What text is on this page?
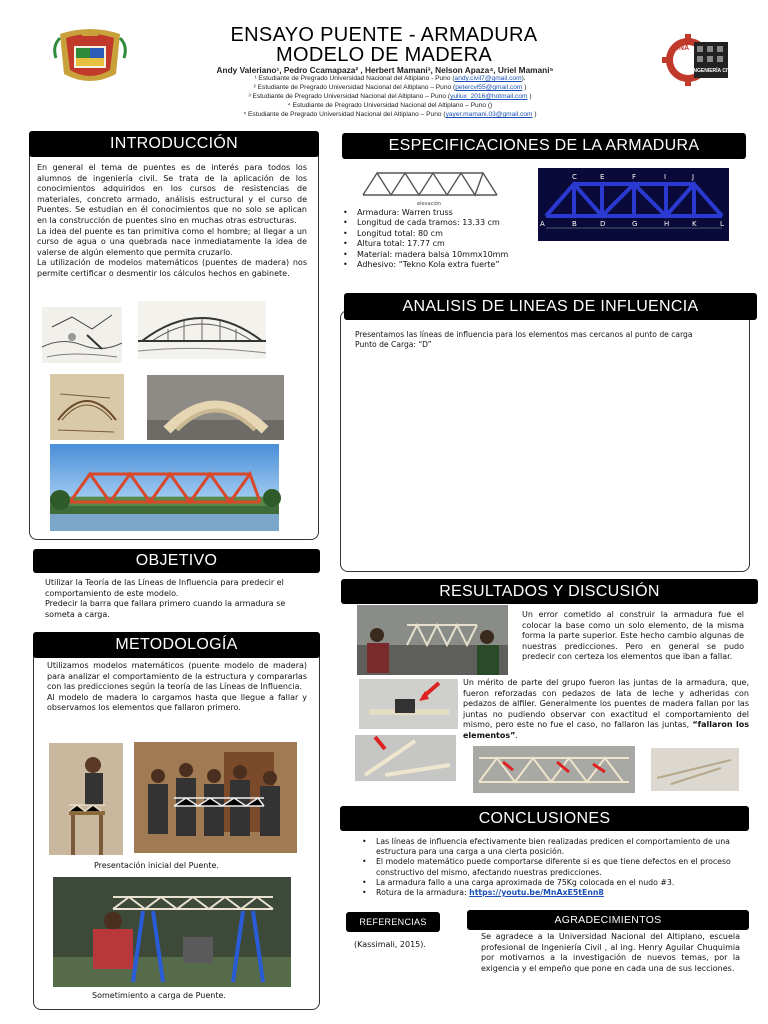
ENSAYO PUENTE - ARMADURA
MODELO DE MADERA
Andy Valeriano¹, Pedro Ccamapaza² , Herbert Mamani³, Nelson Apaza⁴, Uriel Mamani⁵
¹ Estudiante de Pregrado Universidad Nacional del Altiplano - Puno (andy.civil7@gmail.com).
² Estudiante de Pregrado Universidad Nacional del Altiplano – Puno (petercvl55@gmail.com )
³ Estudiante de Pregrado Universidad Nacional del Altiplano – Puno (yuliux_2016@hotmail.com )
⁴ Estudiante de Pregrado Universidad Nacional del Altiplano – Puno ()
⁵ Estudiante de Pregrado Universidad Nacional del Altiplano – Puno (yayer.mamani.03@gmail.com )
UNA
INGENIERÍA CIVIL
INTRODUCCIÓN

En general el tema de puentes es de interés para todos los alumnos de ingeniería civil. Se trata de la aplicación de los conocimientos adquiridos en los cursos de resistencias de materiales, concreto armado, análisis estructural y el curso de Puentes. Se estudian en él conocimientos que no solo se aplican en la construcción de puentes sino en muchas otras estructuras.

La idea del puente es tan primitiva como el hombre; al llegar a un curso de agua o una quebrada nace inmediatamente la idea de valerse de algún elemento que permita cruzarlo.

La utilización de modelos matemáticos (puentes de madera) nos permite certificar o desmentir los cálculos hechos en gabinete.

ESPECIFICACIONES DE LA ARMADURA
elevación
• Armadura: Warren truss
• Longitud de cada tramos: 13.33 cm
• Longitud total: 80 cm
• Altura total: 17.77 cm
• Material: madera balsa 10mmx10mm
• Adhesivo: “Tekno Kola extra fuerte”
C	E	F	I	J
A	B	D	G	H	K	L
ANALISIS DE LINEAS DE INFLUENCIA

Presentamos las líneas de influencia para los elementos mas cercanos al punto de carga

Punto de Carga: “D”

OBJETIVO

Utilizar la Teoría de las Líneas de Influencia para predecir el comportamiento de este modelo.

Predecir la barra que fallara primero cuando la armadura se someta a carga.

METODOLOGÍA

Utilizamos modelos matemáticos (puente modelo de madera) para analizar el comportamiento de la estructura y compararlas con las predicciones según la teoría de las Líneas de Influencia.

Al modelo de madera lo cargamos hasta que llegue a fallar y observamos los elementos que fallaron primero.

Presentación inicial del Puente.
Sometimiento a carga de Puente.
RESULTADOS Y DISCUSIÓN
Un error cometido al construir la armadura fue el colocar la base como un solo elemento, de la misma forma la parte superior. Este hecho cambio algunas de nuestras predicciones. Pero en general se pudo predecir con certeza los elementos que iban a fallar.
Un mérito de parte del grupo fueron las juntas de la armadura, que, fueron reforzadas con pedazos de lata de leche y adheridas con pedazos de alfiler. Generalmente los puentes de madera fallan por las juntas no pudiendo observar con exactitud el comportamiento del mismo, pero este no fue el caso, no fallaron las juntas, “fallaron los elementos”.
CONCLUSIONES
• Las líneas de influencia efectivamente bien realizadas predicen el comportamiento de una estructura para una carga a una cierta posición.
• El modelo matemático puede comportarse diferente si es que tiene defectos en el proceso constructivo del mismo, afectando nuestras predicciones.
• La armadura fallo a una carga aproximada de 75Kg colocada en el nudo #3.
• Rotura de la armadura: https://youtu.be/MnAxE5tEnn8
REFERENCIAS
(Kassimali, 2015).
AGRADECIMIENTOS
Se agradece a la Universidad Nacional del Altiplano, escuela profesional de Ingeniería Civil , al ing. Henry Aguilar Chuquimia por motivarnos a la investigación de nuevos temas, por la exigencia y el empeño que pone en cada una de sus lecciones.
